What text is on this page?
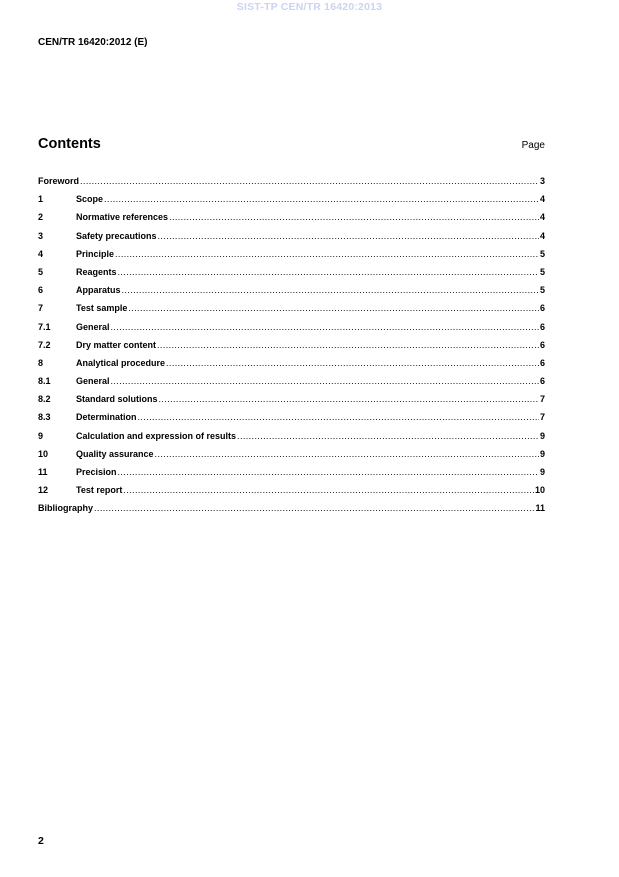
SIST-TP CEN/TR 16420:2013
CEN/TR 16420:2012 (E)
Contents	Page
Foreword .....	3
1	Scope .....	4
2	Normative references .....	4
3	Safety precautions .....	4
4	Principle .....	5
5	Reagents .....	5
6	Apparatus .....	5
7	Test sample .....	6
7.1	General .....	6
7.2	Dry matter content .....	6
8	Analytical procedure .....	6
8.1	General .....	6
8.2	Standard solutions .....	7
8.3	Determination .....	7
9	Calculation and expression of results .....	9
10	Quality assurance .....	9
11	Precision .....	9
12	Test report .....	10
Bibliography .....	11
2
